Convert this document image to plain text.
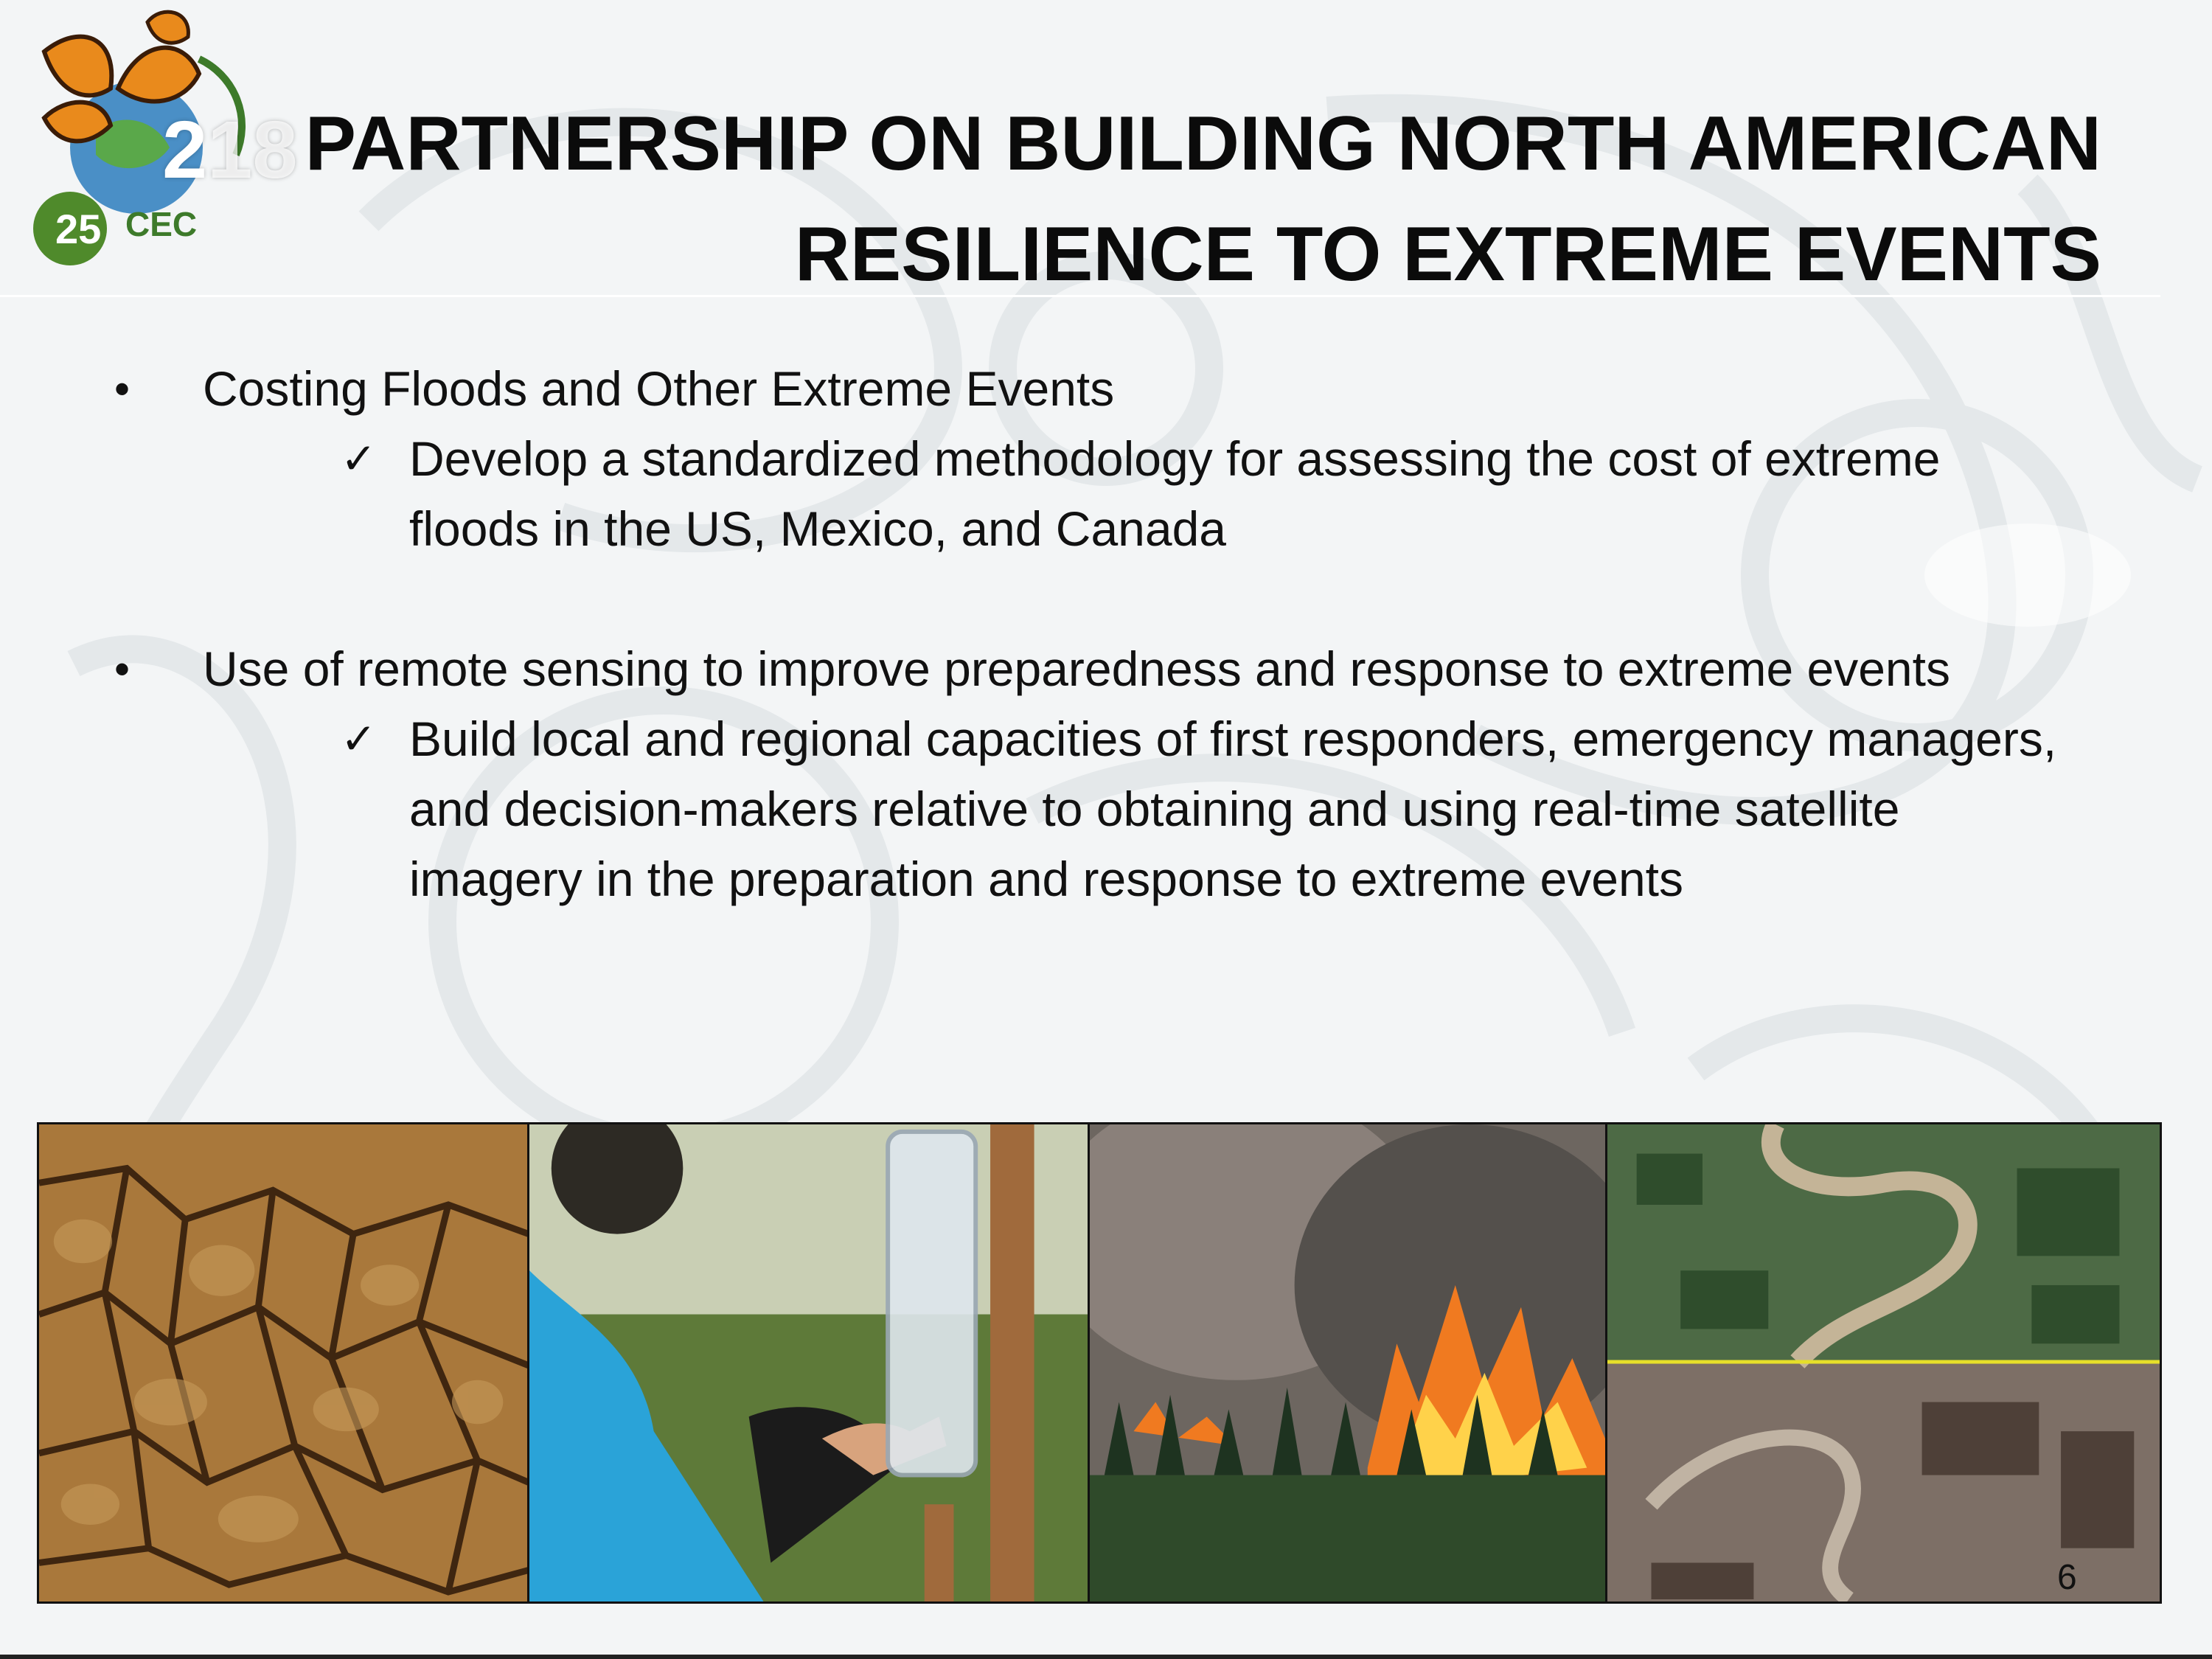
25 CEC
218 PARTNERSHIP ON BUILDING NORTH AMERICAN
RESILIENCE TO EXTREME EVENTS
• Costing Floods and Other Extreme Events
✓ Develop a standardized methodology for assessing the cost of extreme floods in the US, Mexico, and Canada
• Use of remote sensing to improve preparedness and response to extreme events
✓ Build local and regional capacities of first responders, emergency managers, and decision-makers relative to obtaining and using real-time satellite imagery in the preparation and response to extreme events
6
